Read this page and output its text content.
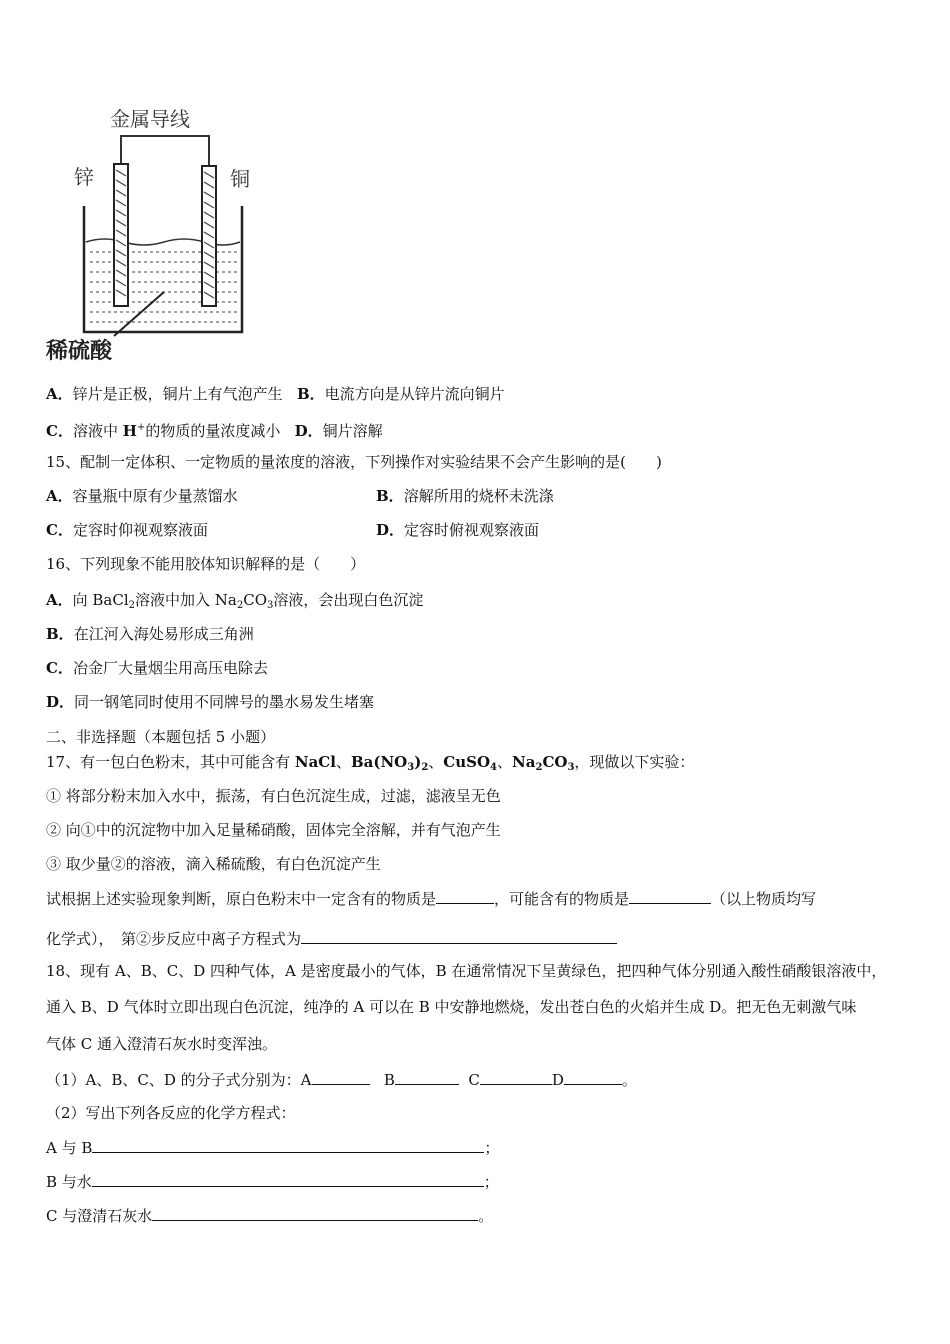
金属导线
锌	铜
稀硫酸
A．锌片是正极，铜片上有气泡产生 B．电流方向是从锌片流向铜片
C．溶液中 H+的物质的量浓度减小 D．铜片溶解
15、配制一定体积、一定物质的量浓度的溶液，下列操作对实验结果不会产生影响的是(　　)
A．容量瓶中原有少量蒸馏水	B．溶解所用的烧杯未洗涤
C．定容时仰视观察液面	D．定容时俯视观察液面
16、下列现象不能用胶体知识解释的是（　　）
A．向 BaCl$_2$溶液中加入 $Na_2CO_3$溶液，会出现白色沉淀
B．在江河入海处易形成三角洲
C．冶金厂大量烟尘用高压电除去
D．同一钢笔同时使用不同牌号的墨水易发生堵塞
二、非选择题（本题包括 5 小题）
17、有一包白色粉末，其中可能含有 NaCl、$Ba(NO_3)_2$、CuSO$_4$、$Na_2CO_3$，现做以下实验：
① 将部分粉末加入水中，振荡，有白色沉淀生成，过滤，滤液呈无色
② 向①中的沉淀物中加入足量稀硝酸，固体完全溶解，并有气泡产生
③ 取少量②的溶液，滴入稀硫酸，有白色沉淀产生
试根据上述实验现象判断，原白色粉末中一定含有的物质是	，可能含有的物质是	（以上物质均写
化学式），　第②步反应中离子方程式为
18、现有 A、B、C、D 四种气体，A 是密度最小的气体，B 在通常情况下呈黄绿色，把四种气体分别通入酸性硝酸银溶液中，
通入 B、D 气体时立即出现白色沉淀，纯净的 A 可以在 B 中安静地燃烧，发出苍白色的火焰并生成 D。把无色无刺激气味
气体 C 通入澄清石灰水时变浑浊。
（1）A、B、C、D 的分子式分别为：A	B	C	D	。
（2）写出下列各反应的化学方程式：
A 与 B	；
B 与水	；
C 与澄清石灰水	。
